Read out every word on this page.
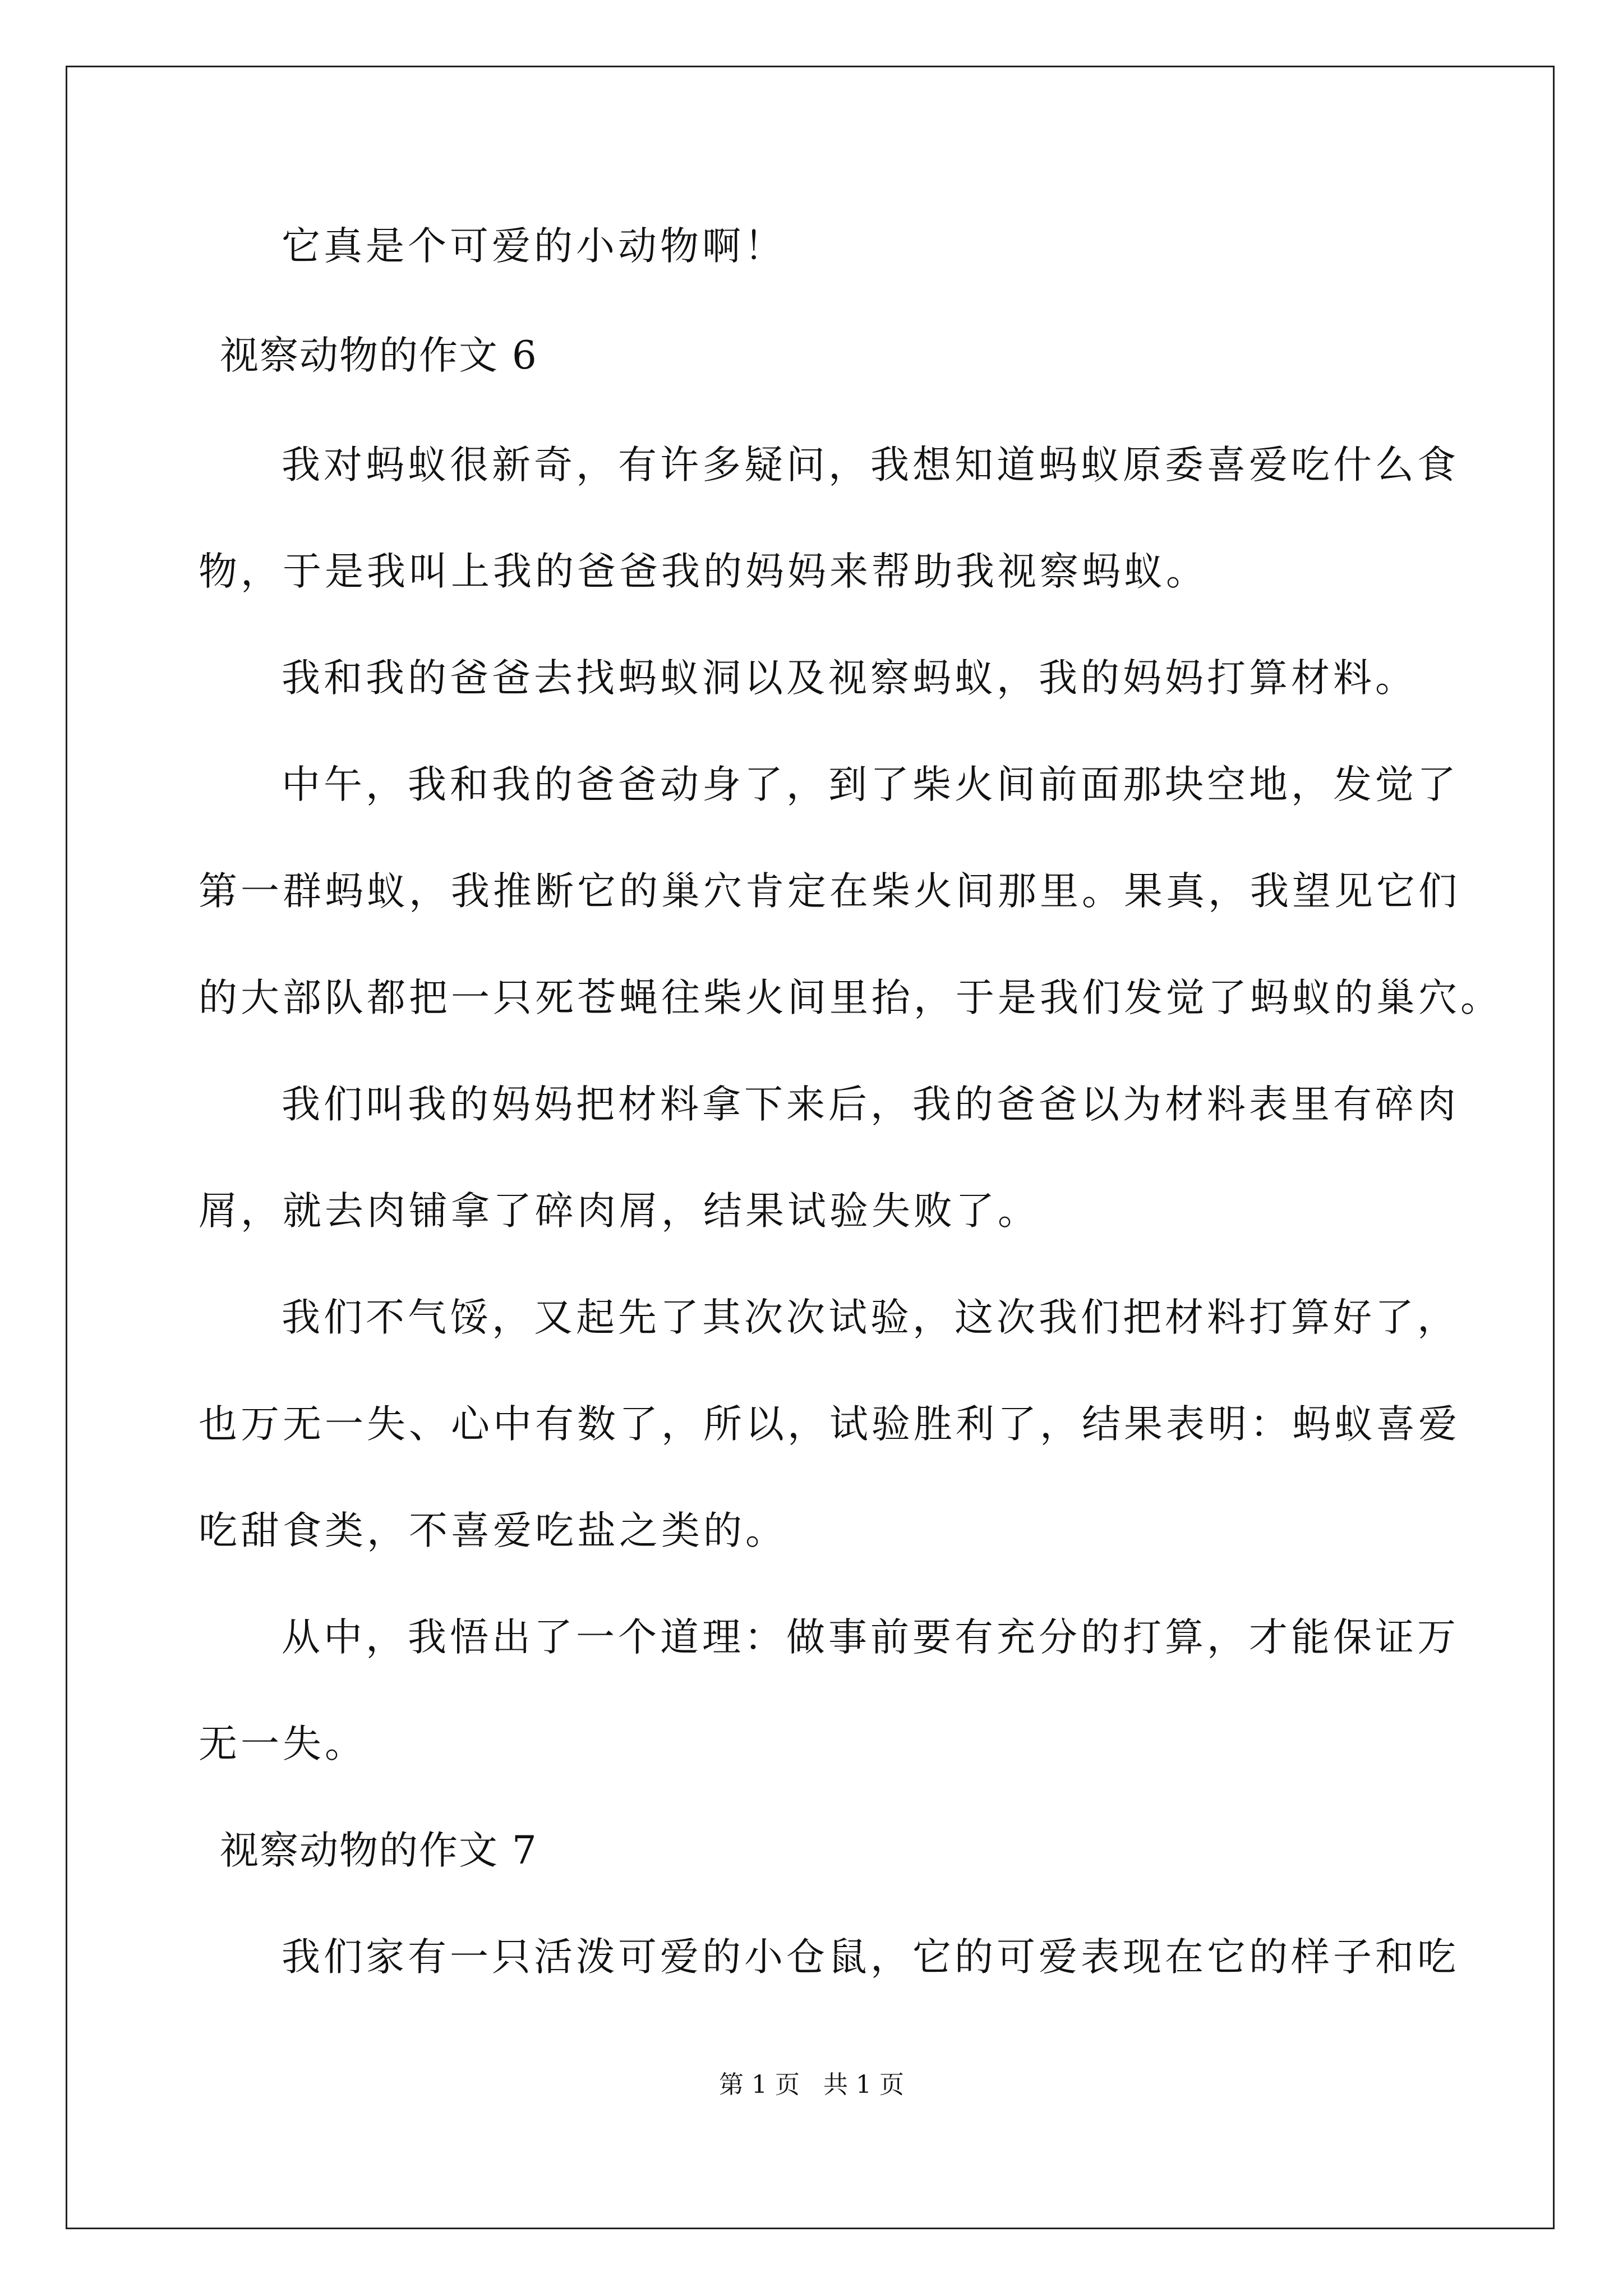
它真是个可爱的小动物啊！
视察动物的作文 6
我对蚂蚁很新奇，有许多疑问，我想知道蚂蚁原委喜爱吃什么食
物，于是我叫上我的爸爸我的妈妈来帮助我视察蚂蚁。
我和我的爸爸去找蚂蚁洞以及视察蚂蚁，我的妈妈打算材料。
中午，我和我的爸爸动身了，到了柴火间前面那块空地，发觉了
第一群蚂蚁，我推断它的巢穴肯定在柴火间那里。果真，我望见它们
的大部队都把一只死苍蝇往柴火间里抬，于是我们发觉了蚂蚁的巢穴。
我们叫我的妈妈把材料拿下来后，我的爸爸以为材料表里有碎肉
屑，就去肉铺拿了碎肉屑，结果试验失败了。
我们不气馁，又起先了其次次试验，这次我们把材料打算好了，
也万无一失、心中有数了，所以，试验胜利了，结果表明：蚂蚁喜爱
吃甜食类，不喜爱吃盐之类的。
从中，我悟出了一个道理：做事前要有充分的打算，才能保证万
无一失。
视察动物的作文 7
我们家有一只活泼可爱的小仓鼠，它的可爱表现在它的样子和吃
第 1 页   共 1 页
